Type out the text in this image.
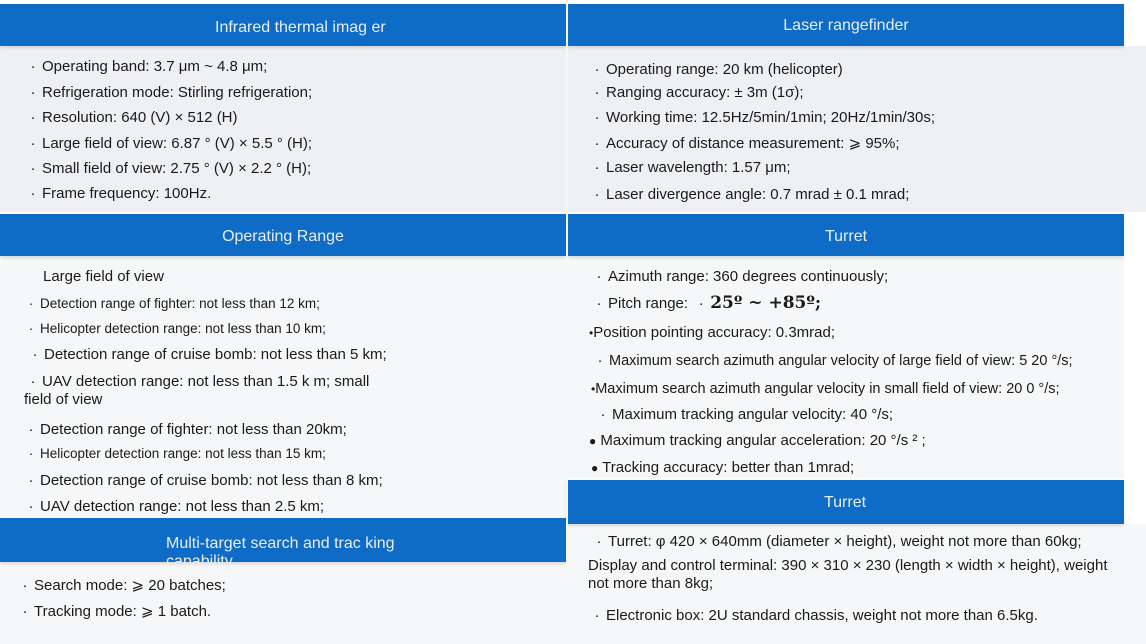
Infrared thermal imag er	Laser rangefinder
Operating Range	Turret
Multi-target search and trac king capability
Turret
· Operating band: 3.7 μm ~ 4.8 μm;
· Refrigeration mode: Stirling refrigeration;
· Resolution: 640 (V) × 512 (H)
· Large field of view: 6.87 ° (V) × 5.5 ° (H);
· Small field of view: 2.75 ° (V) × 2.2 ° (H);
· Frame frequency: 100Hz.
· Operating range: 20 km (helicopter)
· Ranging accuracy: ± 3m (1σ);
· Working time: 12.5Hz/5min/1min; 20Hz/1min/30s;
· Accuracy of distance measurement: ⩾ 95%;
· Laser wavelength: 1.57 μm;
· Laser divergence angle: 0.7 mrad ± 0.1 mrad;
Large field of view
· Detection range of fighter: not less than 12 km;
· Helicopter detection range: not less than 10 km;
· Detection range of cruise bomb: not less than 5 km;
· UAV detection range: not less than 1.5 k m; small field of view
· Detection range of fighter: not less than 20km;
· Helicopter detection range: not less than 15 km;
· Detection range of cruise bomb: not less than 8 km;
· UAV detection range: not less than 2.5 km;
· Azimuth range: 360 degrees continuously;
· Pitch range: · 25º ~ +85º;
•Position pointing accuracy: 0.3mrad;
· Maximum search azimuth angular velocity of large field of view: 5 20 °/s;
•Maximum search azimuth angular velocity in small field of view: 20 0 °/s;
· Maximum tracking angular velocity: 40 °/s;
● Maximum tracking angular acceleration: 20 °/s ² ;
● Tracking accuracy: better than 1mrad;
· Search mode: ⩾ 20 batches;
· Tracking mode: ⩾ 1 batch.
· Turret: φ 420 × 640mm (diameter × height), weight not more than 60kg;
Display and control terminal: 390 × 310 × 230 (length × width × height), weight not more than 8kg;
· Electronic box: 2U standard chassis, weight not more than 6.5kg.
